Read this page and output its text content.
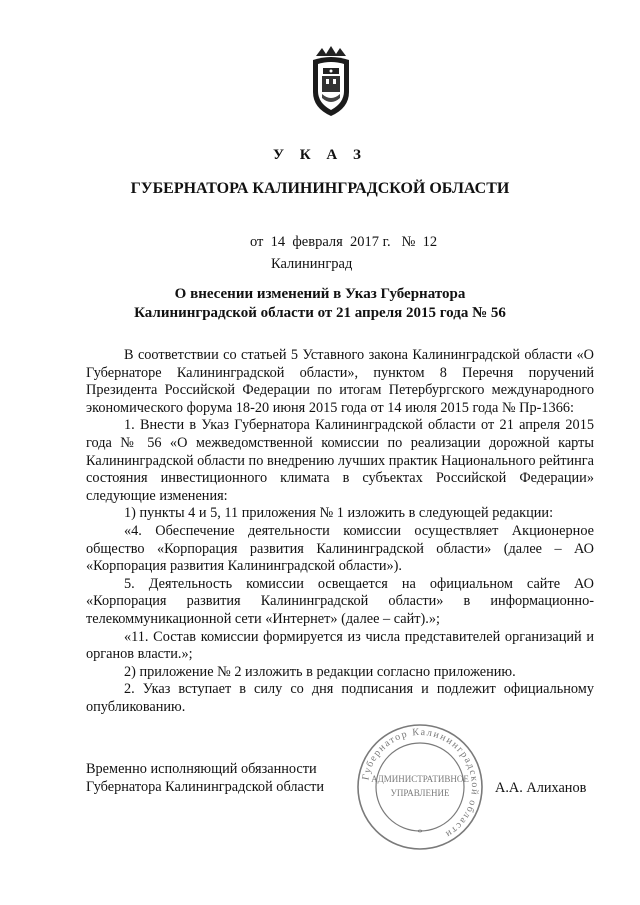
У К А З
ГУБЕРНАТОРА КАЛИНИНГРАДСКОЙ ОБЛАСТИ
от  14  февраля  2017 г.   №  12
Калининград
О внесении изменений в Указ Губернатора
Калининградской области от 21 апреля 2015 года № 56

В соответствии со статьей 5 Уставного закона Калининградской области «О Губернаторе Калининградской области», пунктом 8 Перечня поручений Президента Российской Федерации по итогам Петербургского международного экономического форума 18-20 июня 2015 года от 14 июля 2015 года № Пр-1366:

1. Внести в Указ Губернатора Калининградской области от 21 апреля 2015 года № 56 «О межведомственной комиссии по реализации дорожной карты Калининградской области по внедрению лучших практик Национального рейтинга состояния инвестиционного климата в субъектах Российской Федерации» следующие изменения:

1) пункты 4 и 5, 11 приложения № 1 изложить в следующей редакции:

«4. Обеспечение деятельности комиссии осуществляет Акционерное общество «Корпорация развития Калининградской области» (далее – АО «Корпорация развития Калининградской области»).

5. Деятельность комиссии освещается на официальном сайте АО «Корпорация развития Калининградской области» в информационно-телекоммуникационной сети «Интернет» (далее – сайт).»;

«11. Состав комиссии формируется из числа представителей организаций и органов власти.»;

2) приложение № 2 изложить в редакции согласно приложению.

2. Указ вступает в силу со дня подписания и подлежит официальному опубликованию.

Временно исполняющий обязанности
Губернатора Калининградской области
Губернатор Калининградской области
АДМИНИСТРАТИВНОЕ
УПРАВЛЕНИЕ
*
А.А. Алиханов
